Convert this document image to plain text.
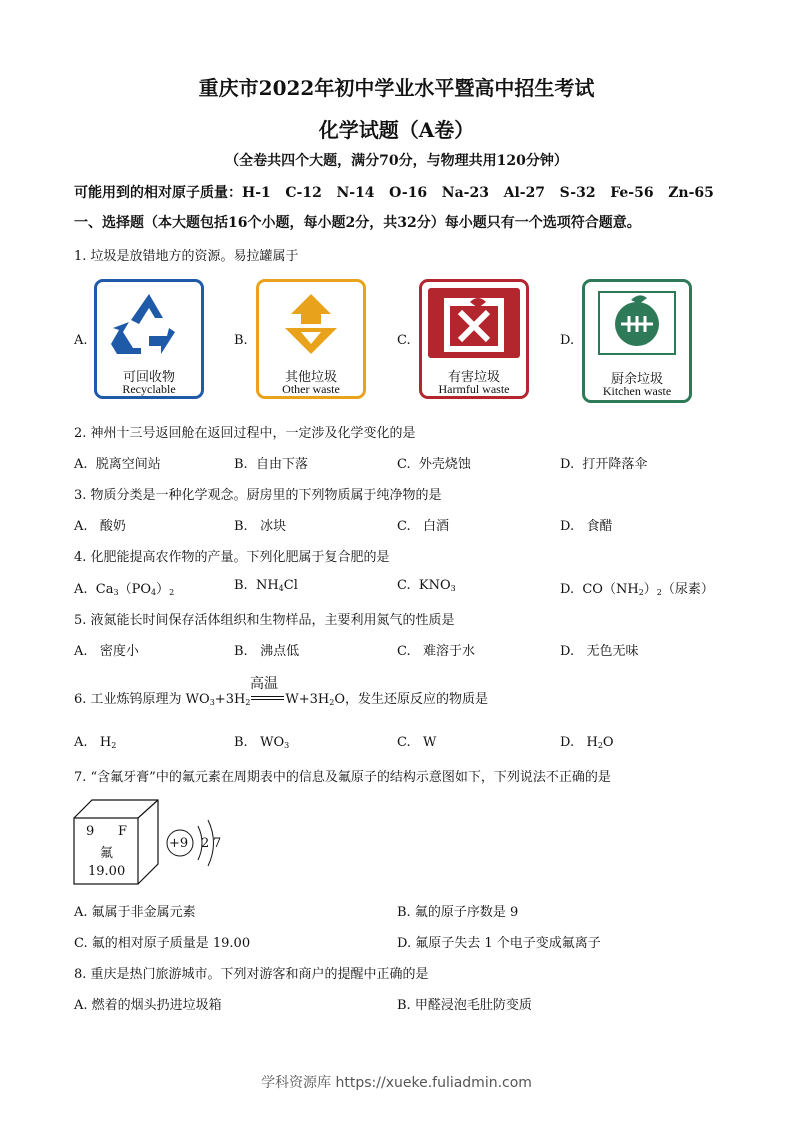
重庆市2022年初中学业水平暨高中招生考试
化学试题（A卷）
（全卷共四个大题，满分70分，与物理共用120分钟）
可能用到的相对原子质量：H-1   C-12   N-14   O-16   Na-23   Al-27   S-32   Fe-56   Zn-65
一、选择题（本大题包括16个小题，每小题2分，共32分）每小题只有一个选项符合题意。
1. 垃圾是放错地方的资源。易拉罐属于
A.
可回收物
Recyclable
B.
其他垃圾
Other waste
C.
有害垃圾
Harmful waste
D.
厨余垃圾
Kitchen waste
2. 神州十三号返回舱在返回过程中，一定涉及化学变化的是
A.  脱离空间站	B.  自由下落	C.  外壳烧蚀	D.  打开降落伞
3. 物质分类是一种化学观念。厨房里的下列物质属于纯净物的是
A.   酸奶	B.   冰块	C.   白酒	D.   食醋
4. 化肥能提高农作物的产量。下列化肥属于复合肥的是
A.  $Ca_3(PO_4)_2$	B.  $NH_4Cl$	C.  $KNO_3$	D.  $CO(NH_2)_2$（尿素）
5. 液氮能长时间保存活体组织和生物样品，主要利用氮气的性质是
A.   密度小	B.   沸点低	C.   难溶于水	D.   无色无味
6. 工业炼钨原理为 $WO_3+3H_2$	$W+3H_2O$，发生还原反应的物质是
高温
A.   $H_2$	B.   $WO_3$	C.   W	D.   $H_2O$
7. “含氟牙膏”中的氟元素在周期表中的信息及氟原子的结构示意图如下，下列说法不正确的是
9 F
氟
19.00
+9 2 7
A. 氟属于非金属元素	B. 氟的原子序数是 9
C. 氟的相对原子质量是 19.00	D. 氟原子失去 1 个电子变成氟离子
8. 重庆是热门旅游城市。下列对游客和商户的提醒中正确的是
A. 燃着的烟头扔进垃圾箱	B. 甲醛浸泡毛肚防变质
学科资源库 https://xueke.fuliadmin.com
